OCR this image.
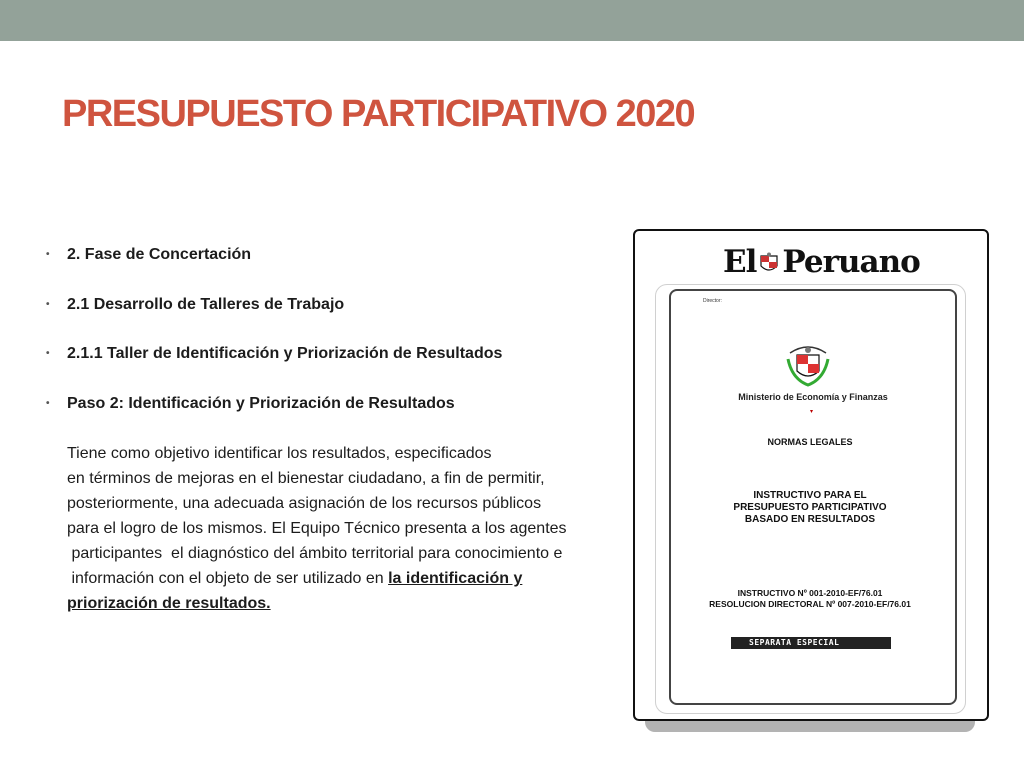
PRESUPUESTO PARTICIPATIVO 2020
• 2. Fase de Concertación
• 2.1 Desarrollo de Talleres de Trabajo
• 2.1.1 Taller de Identificación y Priorización de Resultados
• Paso 2: Identificación y Priorización de Resultados
Tiene como objetivo identificar los resultados, especificados
en términos de mejoras en el bienestar ciudadano, a fin de permitir,
posteriormente, una adecuada asignación de los recursos públicos
para el logro de los mismos. El Equipo Técnico presenta a los agentes
participantes  el diagnóstico del ámbito territorial para conocimiento e
información con el objeto de ser utilizado en la identificación y
priorización de resultados.
El Peruano
Director:
Ministerio de Economía y Finanzas
▾
NORMAS LEGALES
INSTRUCTIVO PARA EL
PRESUPUESTO PARTICIPATIVO
BASADO EN RESULTADOS
INSTRUCTIVO Nº 001-2010-EF/76.01
RESOLUCION DIRECTORAL Nº 007-2010-EF/76.01
SEPARATA ESPECIAL
